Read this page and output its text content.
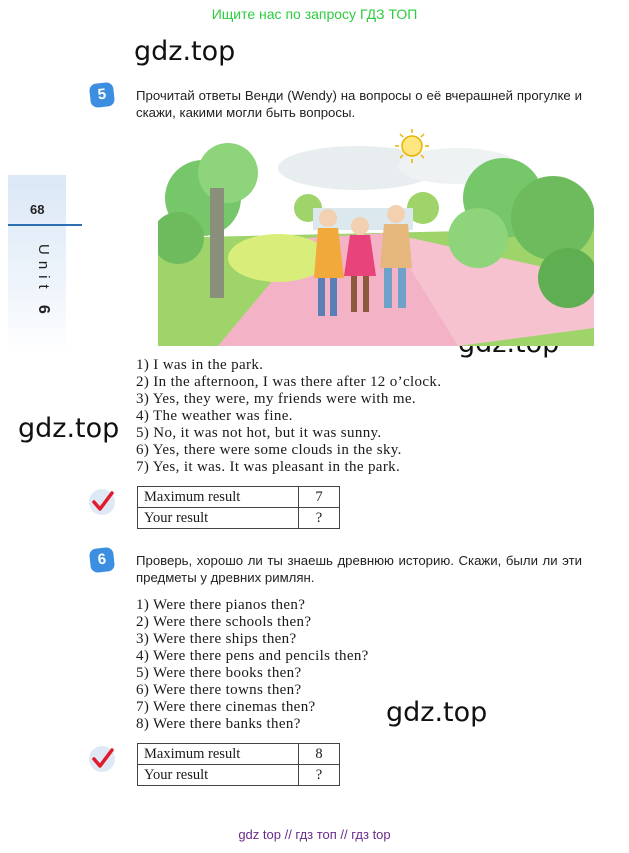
Ищите нас по запросу ГДЗ ТОП
gdz.top
gdz.top
gdz.top
68
Unit 6
5	Прочитай ответы Венди (Wendy) на вопросы о её вчерашней прогулке и скажи, какими могли быть вопросы.
1) I was in the park.
2) In the afternoon, I was there after 12 o’clock.
3) Yes, they were, my friends were with me.
4) The weather was fine.
5) No, it was not hot, but it was sunny.
6) Yes, there were some clouds in the sky.
7) Yes, it was. It was pleasant in the park.
Maximum result	7
Your result	?
6	Проверь, хорошо ли ты знаешь древнюю историю. Скажи, были ли эти предметы у древних римлян.
1) Were there pianos then?
2) Were there schools then?
3) Were there ships then?
4) Were there pens and pencils then?
5) Were there books then?
6) Were there towns then?
7) Were there cinemas then?
8) Were there banks then?
Maximum result	8
Your result	?
gdz top // гдз топ // гдз top
